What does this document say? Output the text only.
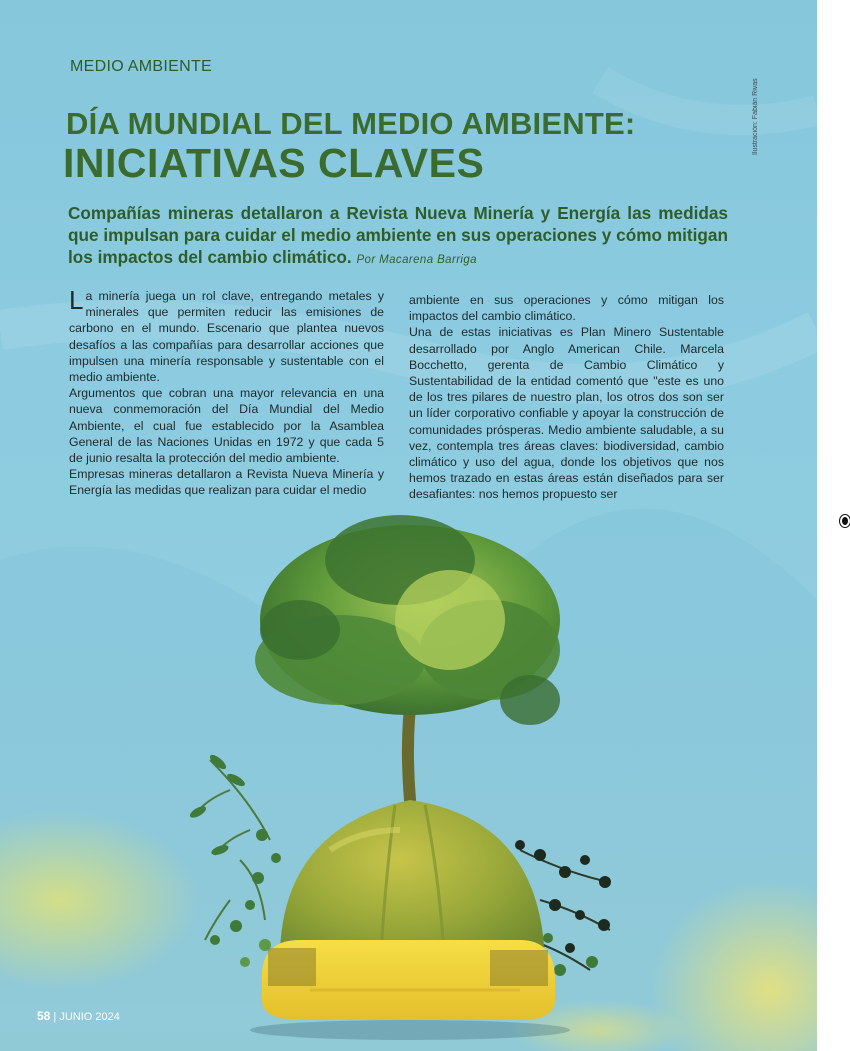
MEDIO AMBIENTE
Ilustración: Fabián Rivas
DÍA MUNDIAL DEL MEDIO AMBIENTE:
INICIATIVAS CLAVES

Compañías mineras detallaron a Revista Nueva Minería y Energía las medidas que impulsan para cuidar el medio ambiente en sus operaciones y cómo mitigan los impactos del cambio climático. Por Macarena Barriga

La minería juega un rol clave, entregando metales y minerales que permiten reducir las emisiones de carbono en el mundo. Escenario que plantea nuevos desafíos a las compañías para desarrollar acciones que impulsen una minería responsable y sustentable con el medio ambiente.

Argumentos que cobran una mayor relevancia en una nueva conmemoración del Día Mundial del Medio Ambiente, el cual fue establecido por la Asamblea General de las Naciones Unidas en 1972 y que cada 5 de junio resalta la protección del medio ambiente.

Empresas mineras detallaron a Revista Nueva Minería y Energía las medidas que realizan para cuidar el medio

ambiente en sus operaciones y cómo mitigan los impactos del cambio climático.

Una de estas iniciativas es Plan Minero Sustentable desarrollado por Anglo American Chile. Marcela Bocchetto, gerenta de Cambio Climático y Sustentabilidad de la entidad comentó que "este es uno de los tres pilares de nuestro plan, los otros dos son ser un líder corporativo confiable y apoyar la construcción de comunidades prósperas. Medio ambiente saludable, a su vez, contempla tres áreas claves: biodiversidad, cambio climático y uso del agua, donde los objetivos que nos hemos trazado en estas áreas están diseñados para ser desafiantes: nos hemos propuesto ser

58 | JUNIO 2024
